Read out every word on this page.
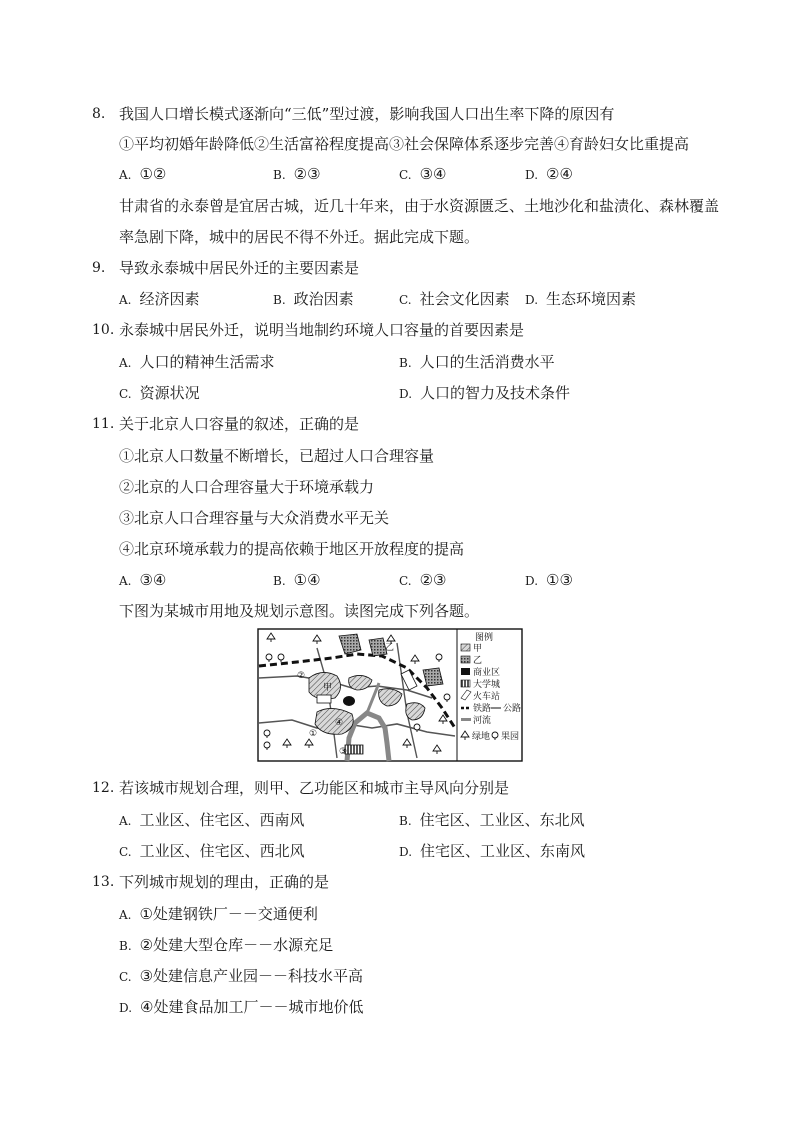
8. 我国人口增长模式逐渐向“三低”型过渡，影响我国人口出生率下降的原因有
①平均初婚年龄降低②生活富裕程度提高③社会保障体系逐步完善④育龄妇女比重提高
A. ①②	B. ②③	C. ③④	D. ②④
甘肃省的永泰曾是宜居古城，近几十年来，由于水资源匮乏、土地沙化和盐渍化、森林覆盖
率急剧下降，城中的居民不得不外迁。据此完成下题。
9. 导致永泰城中居民外迁的主要因素是
A. 经济因素	B. 政治因素	C. 社会文化因素 D. 生态环境因素
10. 永泰城中居民外迁，说明当地制约环境人口容量的首要因素是
A. 人口的精神生活需求	B. 人口的生活消费水平
C. 资源状况	D. 人口的智力及技术条件
11. 关于北京人口容量的叙述，正确的是
①北京人口数量不断增长，已超过人口合理容量
②北京的人口合理容量大于环境承载力
③北京人口合理容量与大众消费水平无关
④北京环境承载力的提高依赖于地区开放程度的提高
A. ③④	B. ①④	C. ②③	D. ①③
下图为某城市用地及规划示意图。读图完成下列各题。
甲
乙
①
②
③
④
图例
甲
乙
商业区
大学城
火车站
铁路 公路
河流
绿地 果园
12. 若该城市规划合理，则甲、乙功能区和城市主导风向分别是
A. 工业区、住宅区、西南风	B. 住宅区、工业区、东北风
C. 工业区、住宅区、西北风	D. 住宅区、工业区、东南风
13. 下列城市规划的理由，正确的是
A. ①处建钢铁厂－－交通便利
B. ②处建大型仓库－－水源充足
C. ③处建信息产业园－－科技水平高
D. ④处建食品加工厂－－城市地价低
